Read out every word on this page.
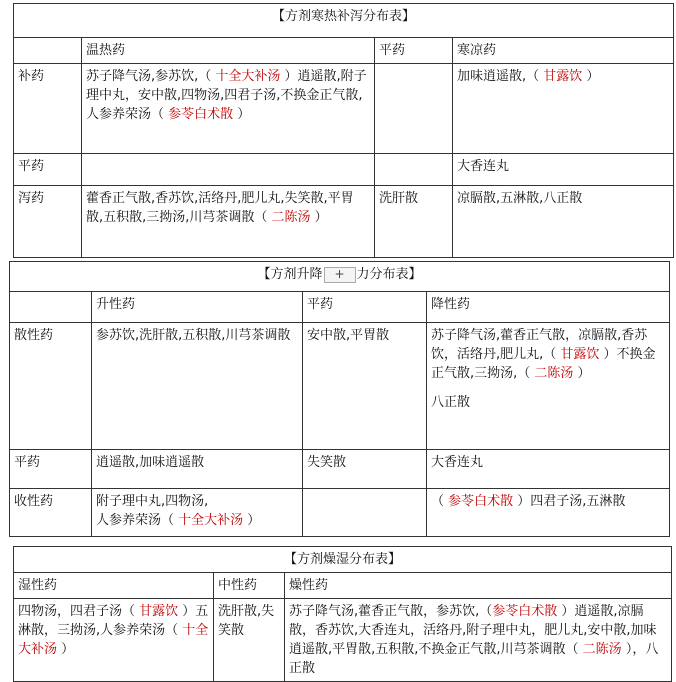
【方剂寒热补泻分布表】			
	温热药	平药	寒凉药
补药	苏子降气汤,参苏饮,（ 十全大补汤 ）逍遥散,附子理中丸，安中散,四物汤,四君子汤,不换金正气散,人参养荣汤（ 参苓白术散 ）		加味逍遥散,（ 甘露饮 ）
平药			大香连丸
泻药	藿香正气散,香苏饮,活络丹,肥儿丸,失笑散,平胃散,五积散,三拗汤,川芎茶调散（ 二陈汤 ）	洗肝散	凉膈散,五淋散,八正散
【方剂升降 + 力分布表】			
	升性药	平药	降性药
散性药	参苏饮,洗肝散,五积散,川芎茶调散	安中散,平胃散	苏子降气汤,藿香正气散，凉膈散,香苏饮，活络丹,肥儿丸,（ 甘露饮 ）不换金正气散,三拗汤,（ 二陈汤 ）
八正散

平药	逍遥散,加味逍遥散	失笑散	大香连丸
收性药	附子理中丸,四物汤,
人参养荣汤（ 十全大补汤 ）		（ 参苓白术散 ）四君子汤,五淋散
【方剂燥湿分布表】		
湿性药	中性药	燥性药
四物汤，四君子汤（ 甘露饮 ）五淋散，三拗汤,人参养荣汤（ 十全大补汤 ）	洗肝散,失笑散	苏子降气汤,藿香正气散，参苏饮,（参苓白术散 ）逍遥散,凉膈散，香苏饮,大香连丸，活络丹,附子理中丸，肥儿丸,安中散,加味逍遥散,平胃散,五积散,不换金正气散,川芎茶调散（ 二陈汤 ），八正散
